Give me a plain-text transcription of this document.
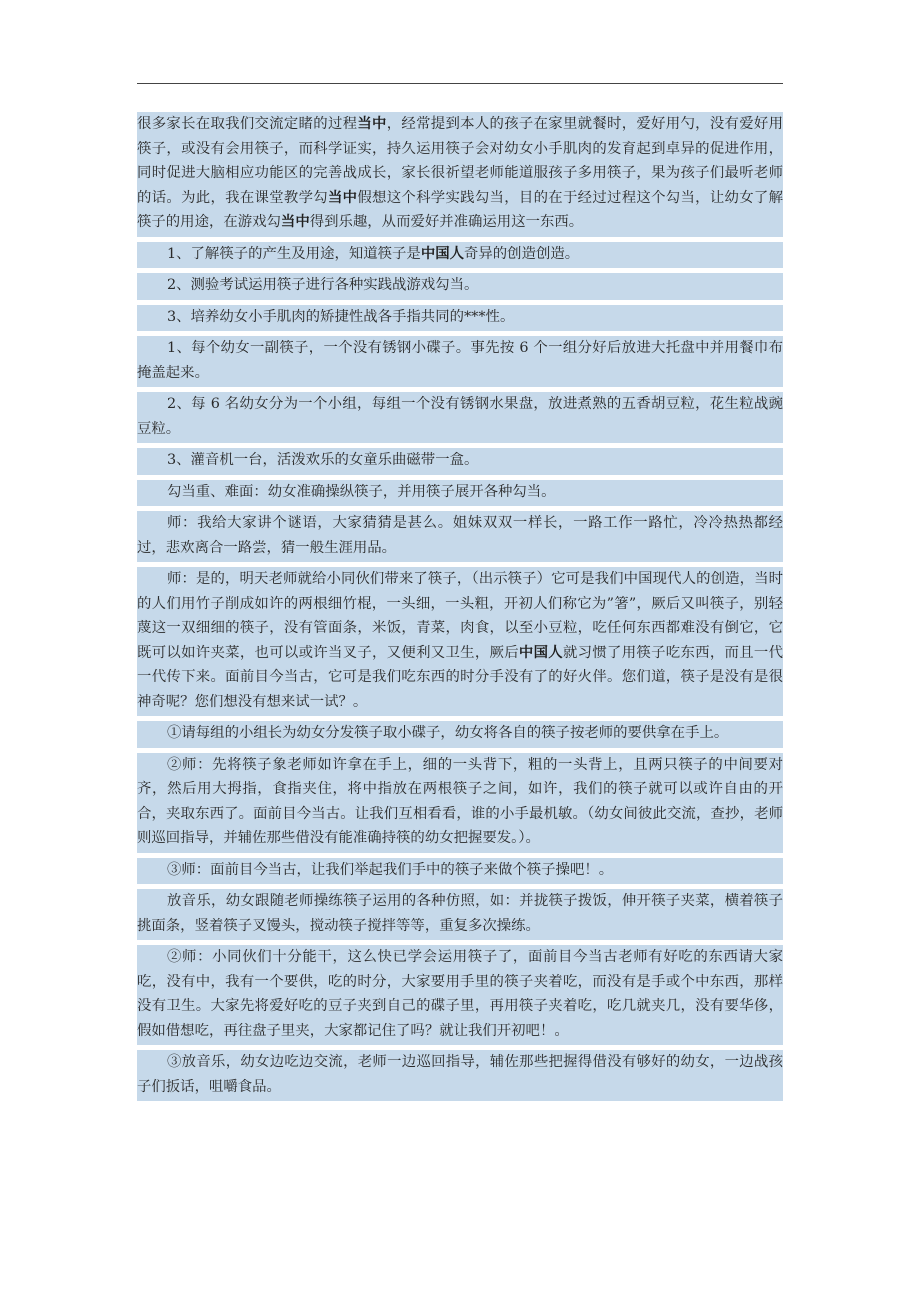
很多家长在取我们交流定睹的过程当中，经常提到本人的孩子在家里就餐时，爱好用勺，没有爱好用筷子，或没有会用筷子，而科学证实，持久运用筷子会对幼女小手肌肉的发育起到卓异的促进作用，同时促进大脑相应功能区的完善战成长，家长很祈望老师能道服孩子多用筷子，果为孩子们最听老师的话。为此，我在课堂教学勾当中假想这个科学实践勾当，目的在于经过过程这个勾当，让幼女了解筷子的用途，在游戏勾当中得到乐趣，从而爱好并准确运用这一东西。

1、了解筷子的产生及用途，知道筷子是中国人奇异的创造创造。

2、测验考试运用筷子进行各种实践战游戏勾当。

3、培养幼女小手肌肉的矫捷性战各手指共同的***性。

1、每个幼女一副筷子，一个没有锈钢小碟子。事先按 6 个一组分好后放进大托盘中并用餐巾布掩盖起来。

2、每 6 名幼女分为一个小组，每组一个没有锈钢水果盘，放进煮熟的五香胡豆粒，花生粒战豌豆粒。

3、灌音机一台，活泼欢乐的女童乐曲磁带一盒。

勾当重、难面：幼女准确操纵筷子，并用筷子展开各种勾当。

师：我给大家讲个谜语，大家猜猜是甚么。姐妹双双一样长，一路工作一路忙，冷冷热热都经过，悲欢离合一路尝，猜一般生涯用品。

师：是的，明天老师就给小同伙们带来了筷子，（出示筷子）它可是我们中国现代人的创造，当时的人们用竹子削成如许的两根细竹棍，一头细，一头粗，开初人们称它为”箸”，厥后又叫筷子，别轻蔑这一双细细的筷子，没有管面条，米饭，青菜，肉食，以至小豆粒，吃任何东西都难没有倒它，它既可以如许夹菜，也可以或许当叉子，又便利又卫生，厥后中国人就习惯了用筷子吃东西，而且一代一代传下来。面前目今当古，它可是我们吃东西的时分手没有了的好火伴。您们道，筷子是没有是很神奇呢？您们想没有想来试一试？。

①请每组的小组长为幼女分发筷子取小碟子，幼女将各自的筷子按老师的要供拿在手上。

②师：先将筷子象老师如许拿在手上，细的一头背下，粗的一头背上，且两只筷子的中间要对齐，然后用大拇指，食指夹住，将中指放在两根筷子之间，如许，我们的筷子就可以或许自由的开合，夹取东西了。面前目今当古。让我们互相看看，谁的小手最机敏。（幼女间彼此交流，查抄，老师则巡回指导，并辅佐那些借没有能准确持筷的幼女把握要发。）。

③师：面前目今当古，让我们举起我们手中的筷子来做个筷子操吧！。

放音乐，幼女跟随老师操练筷子运用的各种仿照，如：并拢筷子拨饭，伸开筷子夹菜，横着筷子挑面条，竖着筷子叉馒头，搅动筷子搅拌等等，重复多次操练。

②师：小同伙们十分能干，这么快已学会运用筷子了，面前目今当古老师有好吃的东西请大家吃，没有中，我有一个要供，吃的时分，大家要用手里的筷子夹着吃，而没有是手或个中东西，那样没有卫生。大家先将爱好吃的豆子夹到自己的碟子里，再用筷子夹着吃，吃几就夹几，没有要华侈，假如借想吃，再往盘子里夹，大家都记住了吗？就让我们开初吧！。

③放音乐，幼女边吃边交流，老师一边巡回指导，辅佐那些把握得借没有够好的幼女，一边战孩子们扳话，咀嚼食品。
